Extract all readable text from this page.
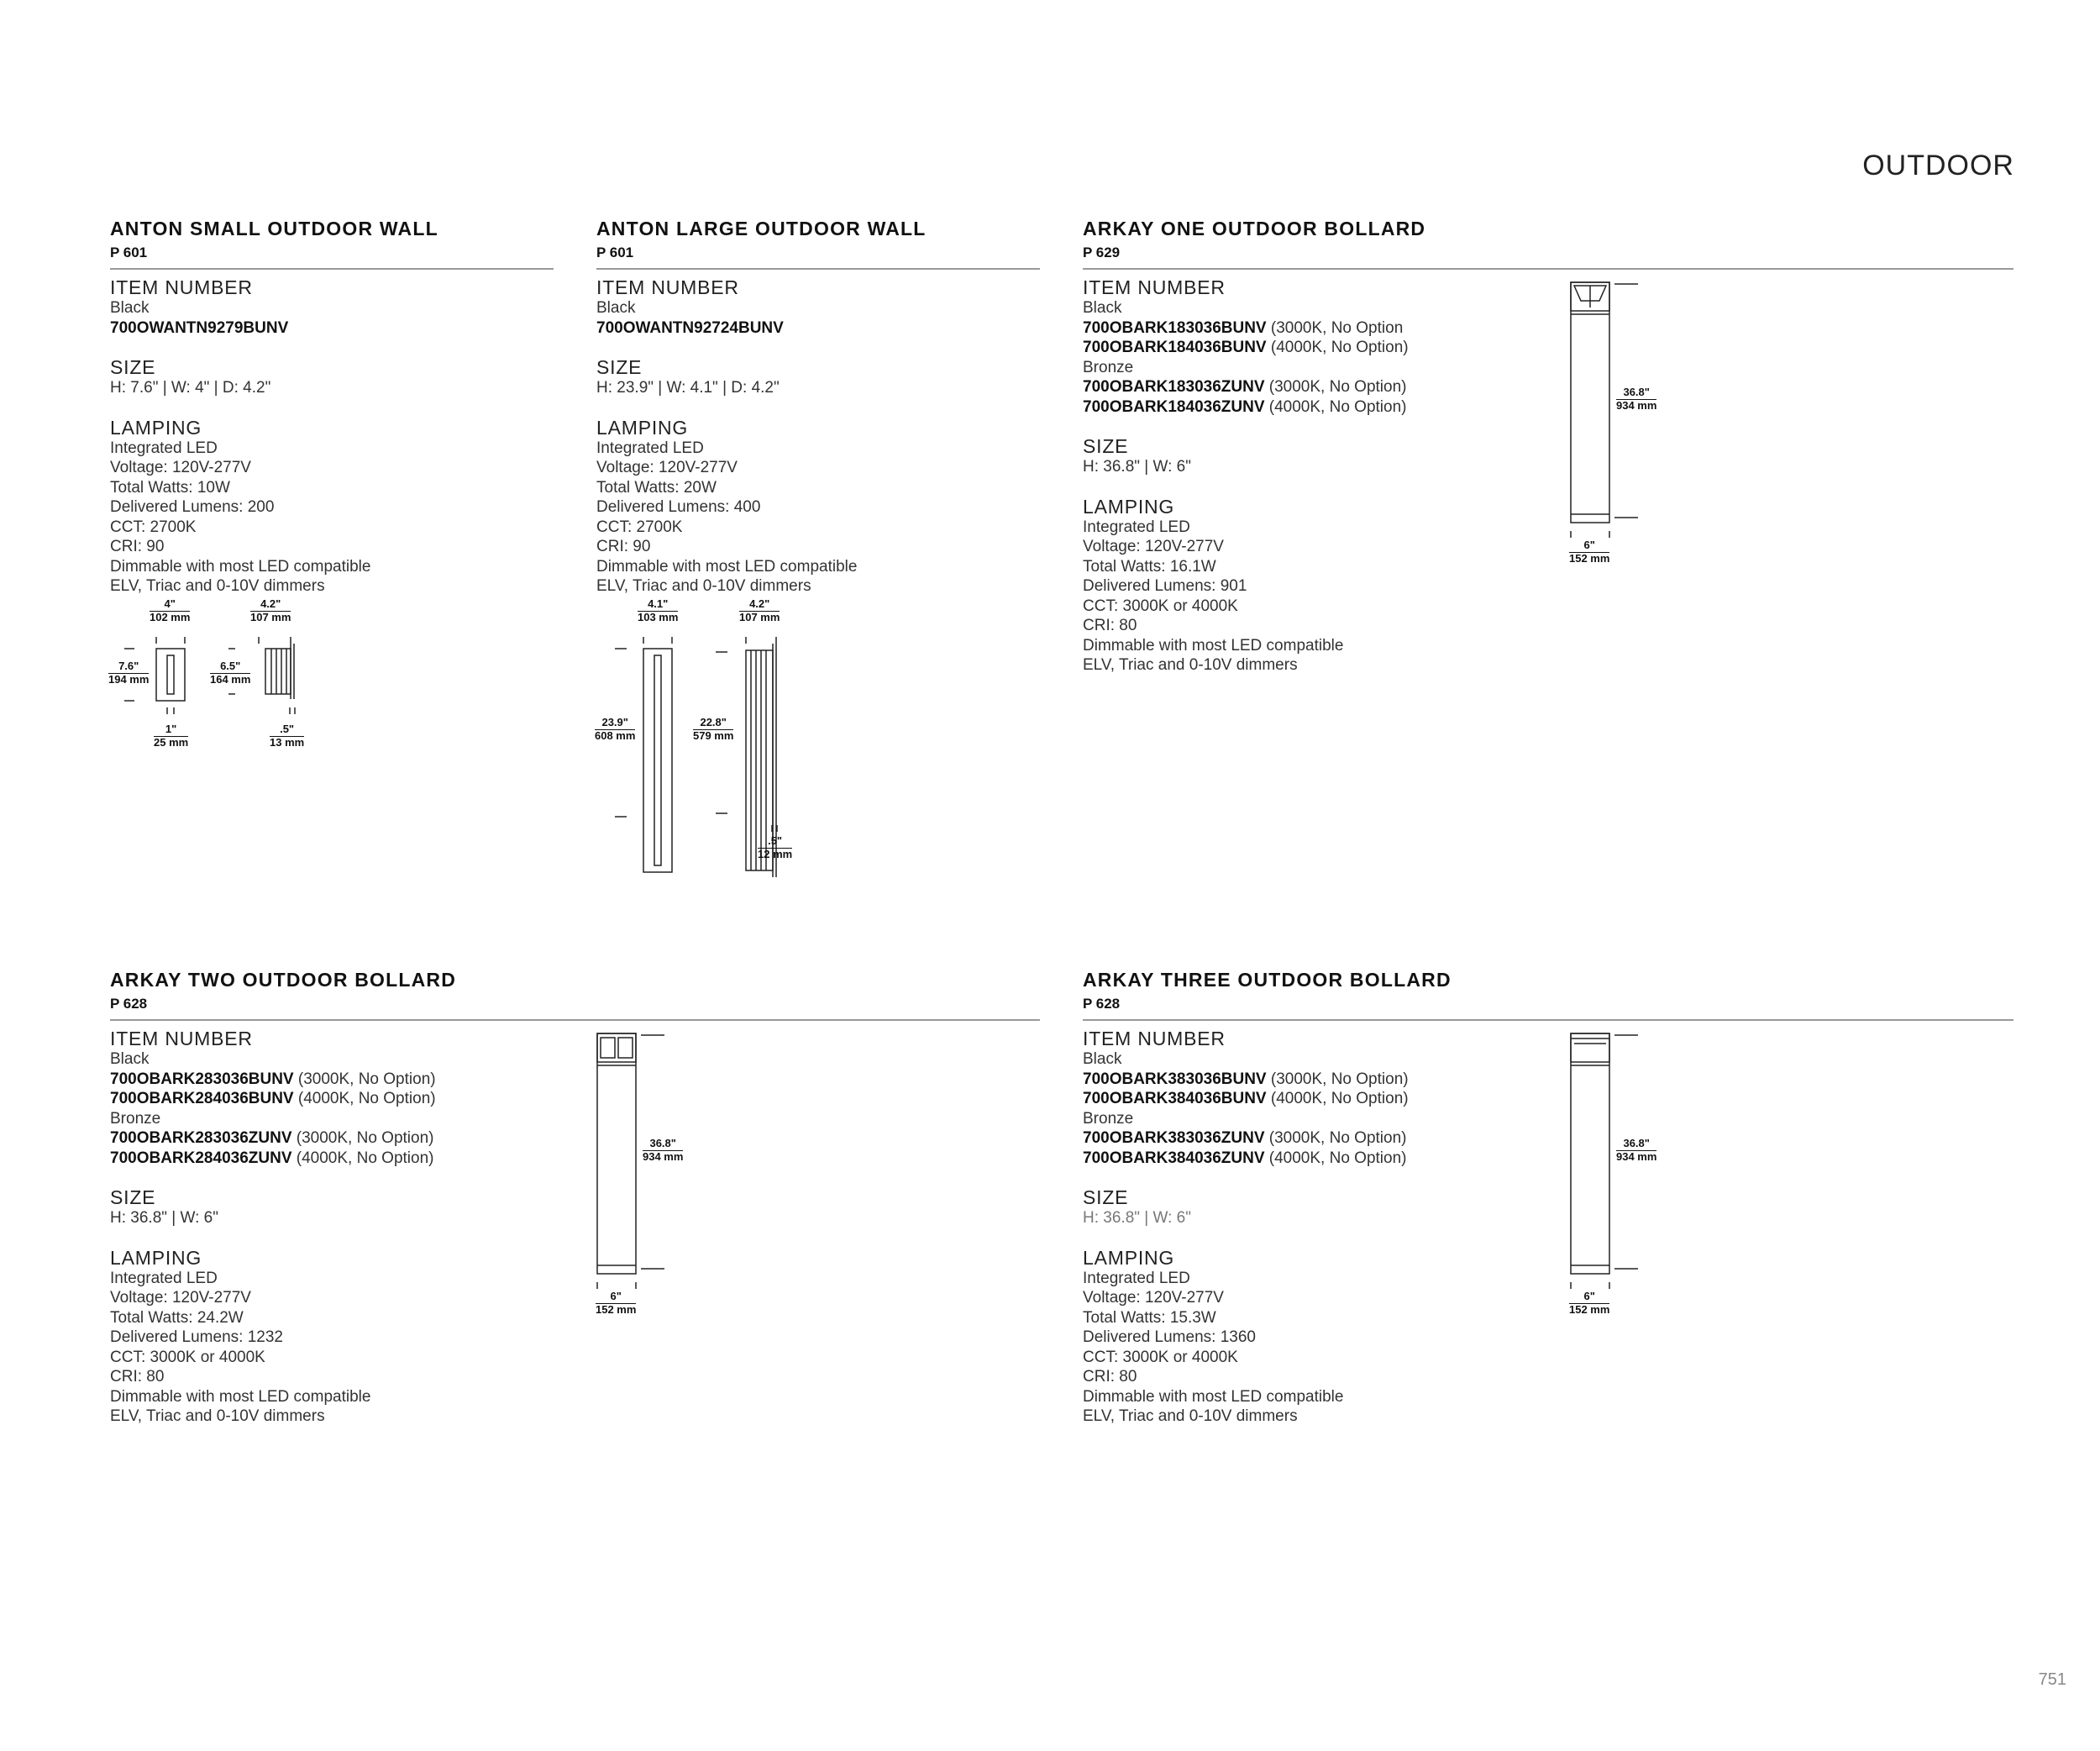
OUTDOOR
ANTON SMALL OUTDOOR WALL
P 601
ITEM NUMBER
Black
700OWANTN9279BUNV
SIZE
H: 7.6" | W: 4" | D: 4.2"
LAMPING
Integrated LED
Voltage: 120V-277V
Total Watts: 10W
Delivered Lumens: 200
CCT: 2700K
CRI: 90
Dimmable with most LED compatible
ELV, Triac and 0-10V dimmers
4"
102 mm
4.2"
107 mm
7.6"
194 mm
6.5"
164 mm
1"
25 mm
.5"
13 mm
ANTON LARGE OUTDOOR WALL
P 601
ITEM NUMBER
Black
700OWANTN92724BUNV
SIZE
H: 23.9" | W: 4.1" | D: 4.2"
LAMPING
Integrated LED
Voltage: 120V-277V
Total Watts: 20W
Delivered Lumens: 400
CCT: 2700K
CRI: 90
Dimmable with most LED compatible
ELV, Triac and 0-10V dimmers
4.1"
103 mm
4.2"
107 mm
23.9"
608 mm
22.8"
579 mm
.5"
12 mm
ARKAY ONE OUTDOOR BOLLARD
P 629
ITEM NUMBER
Black
700OBARK183036BUNV (3000K, No Option
700OBARK184036BUNV (4000K, No Option)
Bronze
700OBARK183036ZUNV (3000K, No Option)
700OBARK184036ZUNV (4000K, No Option)
SIZE
H: 36.8" | W: 6"
LAMPING
Integrated LED
Voltage: 120V-277V
Total Watts: 16.1W
Delivered Lumens: 901
CCT: 3000K or 4000K
CRI: 80
Dimmable with most LED compatible
ELV, Triac and 0-10V dimmers
36.8"
934 mm
6"
152 mm
ARKAY TWO OUTDOOR BOLLARD
P 628
ITEM NUMBER
Black
700OBARK283036BUNV (3000K, No Option)
700OBARK284036BUNV (4000K, No Option)
Bronze
700OBARK283036ZUNV (3000K, No Option)
700OBARK284036ZUNV (4000K, No Option)
SIZE
H: 36.8" | W: 6"
LAMPING
Integrated LED
Voltage: 120V-277V
Total Watts: 24.2W
Delivered Lumens: 1232
CCT: 3000K or 4000K
CRI: 80
Dimmable with most LED compatible
ELV, Triac and 0-10V dimmers
36.8"
934 mm
6"
152 mm
ARKAY THREE OUTDOOR BOLLARD
P 628
ITEM NUMBER
Black
700OBARK383036BUNV (3000K, No Option)
700OBARK384036BUNV (4000K, No Option)
Bronze
700OBARK383036ZUNV (3000K, No Option)
700OBARK384036ZUNV (4000K, No Option)
SIZE
H: 36.8" | W: 6"
LAMPING
Integrated LED
Voltage: 120V-277V
Total Watts: 15.3W
Delivered Lumens: 1360
CCT: 3000K or 4000K
CRI: 80
Dimmable with most LED compatible
ELV, Triac and 0-10V dimmers
36.8"
934 mm
6"
152 mm
751
